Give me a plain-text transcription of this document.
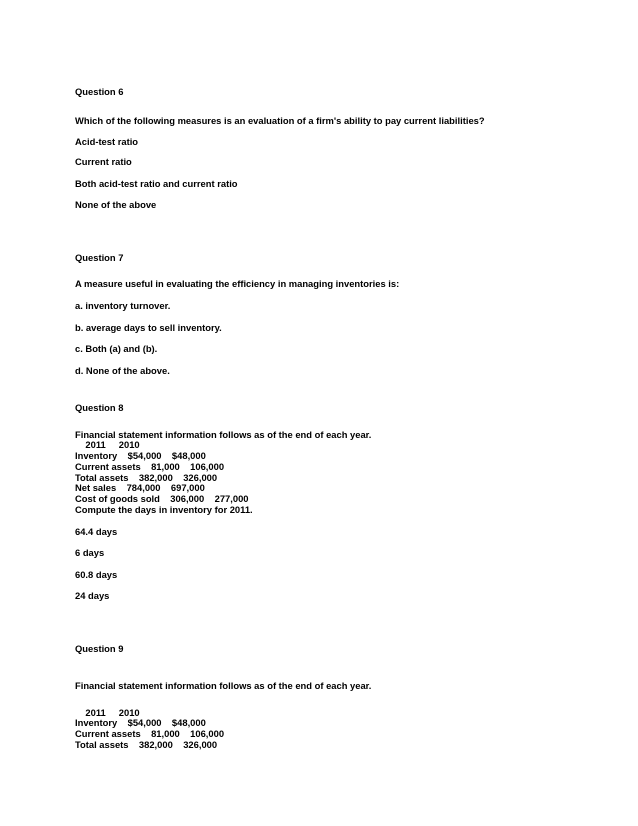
Question 6
Which of the following measures is an evaluation of a firm's ability to pay current liabilities?
Acid-test ratio
Current ratio
Both acid-test ratio and current ratio
None of the above
Question 7
A measure useful in evaluating the efficiency in managing inventories is:
a. inventory turnover.
b. average days to sell inventory.
c. Both (a) and (b).
d. None of the above.
Question 8
Financial statement information follows as of the end of each year.
2011     2010
Inventory    $54,000    $48,000
Current assets    81,000    106,000
Total assets    382,000    326,000
Net sales    784,000    697,000
Cost of goods sold    306,000    277,000
Compute the days in inventory for 2011.
64.4 days
6 days
60.8 days
24 days
Question 9
Financial statement information follows as of the end of each year.
2011     2010
Inventory    $54,000    $48,000
Current assets    81,000    106,000
Total assets    382,000    326,000
